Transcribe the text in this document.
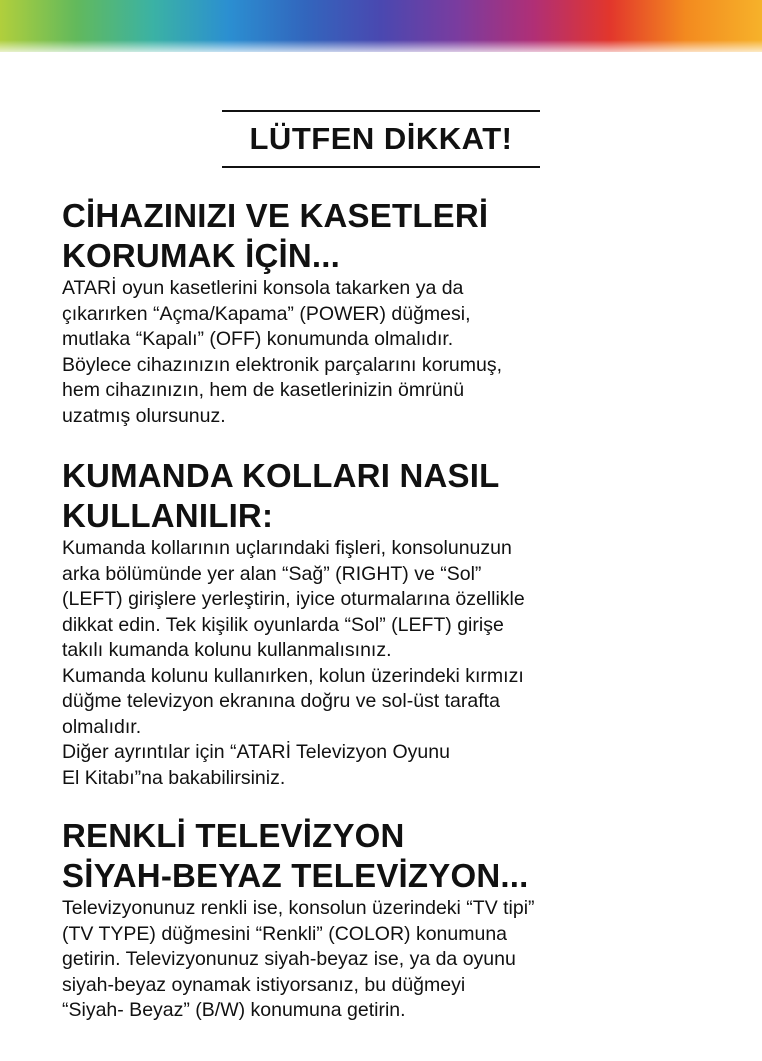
LÜTFEN DİKKAT!
CİHAZINIZI VE KASETLERİ
KORUMAK İÇİN...
ATARİ oyun kasetlerini konsola takarken ya da
çıkarırken “Açma/Kapama” (POWER) düğmesi,
mutlaka “Kapalı” (OFF) konumunda olmalıdır.
Böylece cihazınızın elektronik parçalarını korumuş,
hem cihazınızın, hem de kasetlerinizin ömrünü
uzatmış olursunuz.
KUMANDA KOLLARI NASIL
KULLANILIR:
Kumanda kollarının uçlarındaki fişleri, konsolunuzun
arka bölümünde yer alan “Sağ” (RIGHT) ve “Sol”
(LEFT) girişlere yerleştirin, iyice oturmalarına özellikle
dikkat edin. Tek kişilik oyunlarda “Sol” (LEFT) girişe
takılı kumanda kolunu kullanmalısınız.
Kumanda kolunu kullanırken, kolun üzerindeki kırmızı
düğme televizyon ekranına doğru ve sol-üst tarafta
olmalıdır.
Diğer ayrıntılar için “ATARİ Televizyon Oyunu
El Kitabı”na bakabilirsiniz.
RENKLİ TELEVİZYON
SİYAH-BEYAZ TELEVİZYON...
Televizyonunuz renkli ise, konsolun üzerindeki “TV tipi”
(TV TYPE) düğmesini “Renkli” (COLOR) konumuna
getirin. Televizyonunuz siyah-beyaz ise, ya da oyunu
siyah-beyaz oynamak istiyorsanız, bu düğmeyi
“Siyah- Beyaz” (B/W) konumuna getirin.
